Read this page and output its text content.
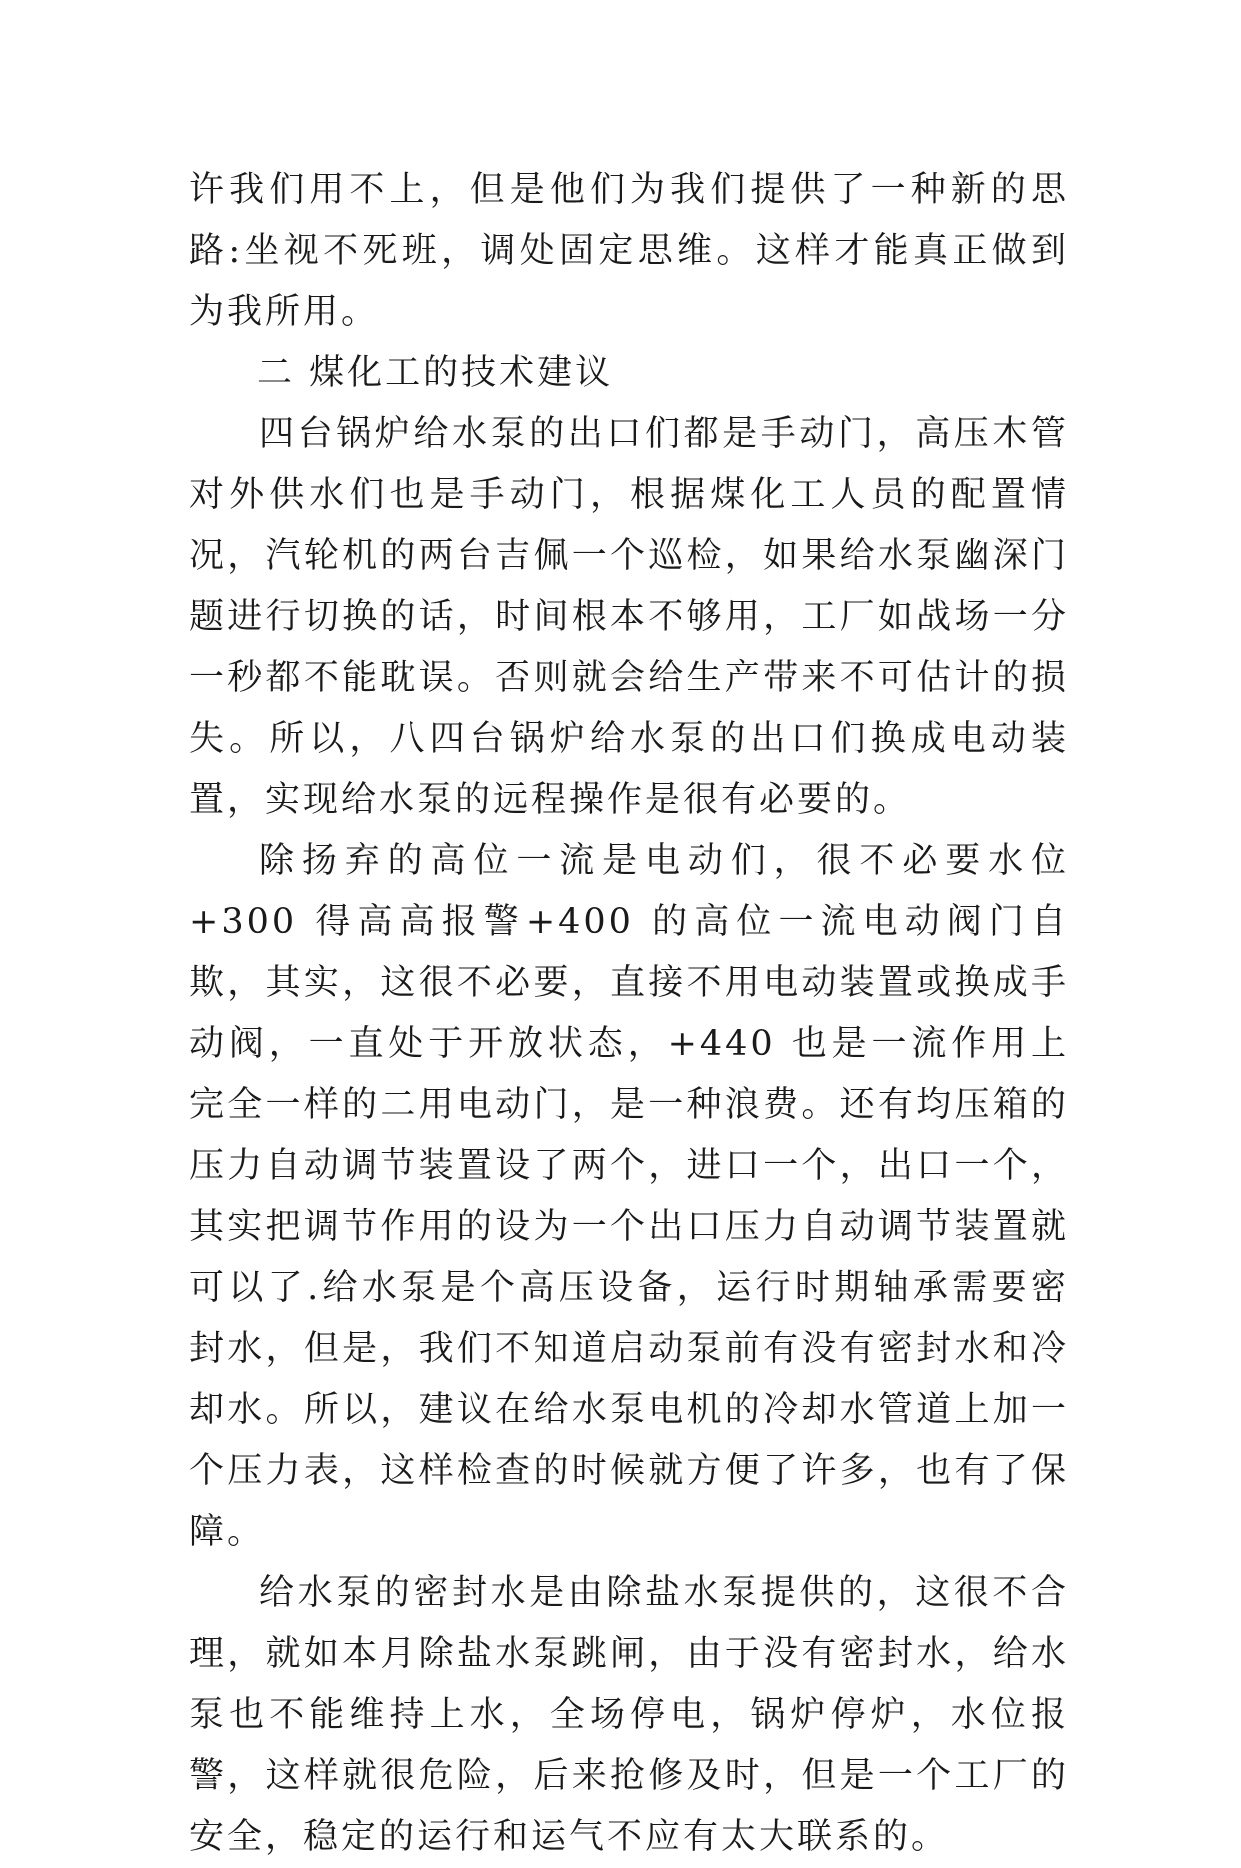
许我们用不上，但是他们为我们提供了一种新的思路:坐视不死班，调处固定思维。这样才能真正做到为我所用。

二 煤化工的技术建议

四台锅炉给水泵的出口们都是手动门，高压木管对外供水们也是手动门，根据煤化工人员的配置情况，汽轮机的两台吉佩一个巡检，如果给水泵幽深门题进行切换的话，时间根本不够用，工厂如战场一分一秒都不能耽误。否则就会给生产带来不可估计的损失。所以，八四台锅炉给水泵的出口们换成电动装置，实现给水泵的远程操作是很有必要的。

除扬弃的高位一流是电动们，很不必要水位+300 得高高报警+400 的高位一流电动阀门自欺，其实，这很不必要，直接不用电动装置或换成手动阀，一直处于开放状态，+440 也是一流作用上完全一样的二用电动门，是一种浪费。还有均压箱的压力自动调节装置设了两个，进口一个，出口一个，其实把调节作用的设为一个出口压力自动调节装置就可以了.给水泵是个高压设备，运行时期轴承需要密封水，但是，我们不知道启动泵前有没有密封水和冷却水。所以，建议在给水泵电机的冷却水管道上加一个压力表，这样检查的时候就方便了许多，也有了保障。

给水泵的密封水是由除盐水泵提供的，这很不合理，就如本月除盐水泵跳闸，由于没有密封水，给水泵也不能维持上水，全场停电，锅炉停炉，水位报警，这样就很危险，后来抢修及时，但是一个工厂的安全，稳定的运行和运气不应有太大联系的。
